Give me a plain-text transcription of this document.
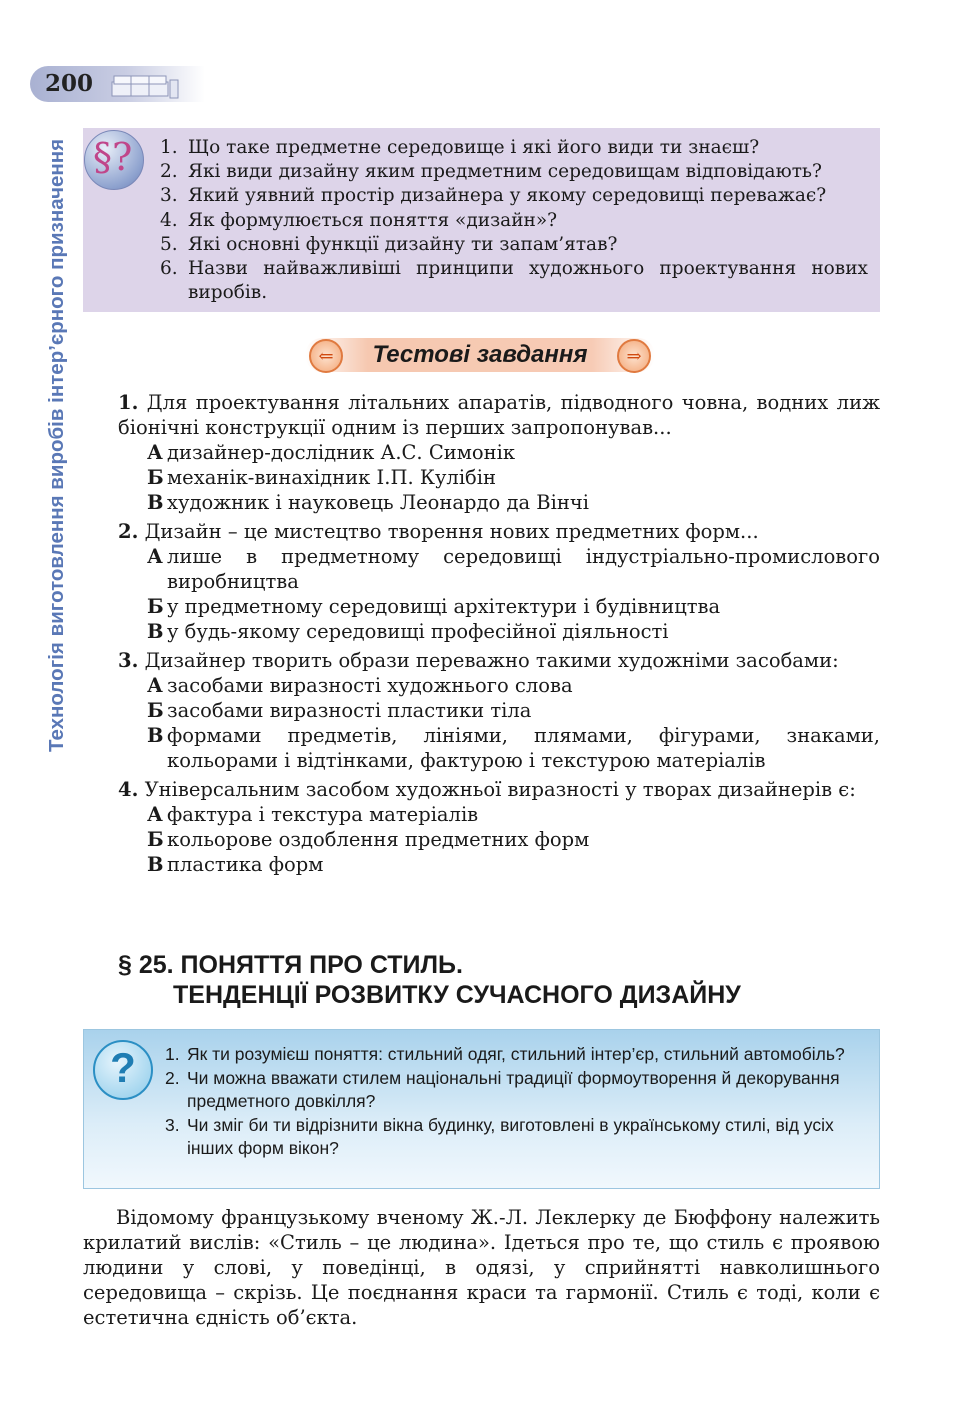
200
Технологія виготовлення виробів інтер’єрного призначення §? 1. Що таке предметне середовище і які його види ти знаєш?
2. Які види дизайну яким предметним середовищам відповідають?
3. Який уявний простір дизайнера у якому середовищі переважає?
4. Як формулюється поняття «дизайн»?
5. Які основні функції дизайну ти запам’ятав?
6. Назви найважливіші принципи художнього проектування нових виробів.
⇐	Тестові завдання	⇒
1. Для проектування літальних апаратів, підводного човна, водних лиж біонічні конструкції одним із перших запропонував...
А дизайнер-дослідник А.С. Симонік
Б механік-винахідник І.П. Кулібін
В художник і науковець Леонардо да Вінчі
2. Дизайн – це мистецтво творення нових предметних форм...
А лише в предметному середовищі індустріально-промислового виробництва
Б у предметному середовищі архітектури і будівництва
В у будь-якому середовищі професійної діяльності
3. Дизайнер творить образи переважно такими художніми засобами:
А засобами виразності художнього слова
Б засобами виразності пластики тіла
В формами предметів, лініями, плямами, фігурами, знаками, кольорами і відтінками, фактурою і текстурою матеріалів
4. Універсальним засобом художньої виразності у творах дизайнерів є:
А фактура і текстура матеріалів
Б кольорове оздоблення предметних форм
В пластика форм
§ 25. ПОНЯТТЯ ПРО СТИЛЬ.
ТЕНДЕНЦІЇ РОЗВИТКУ СУЧАСНОГО ДИЗАЙНУ
?	1. Як ти розумієш поняття: стильний одяг, стильний інтер’єр, стильний автомобіль?
2. Чи можна вважати стилем національні традиції формоутворення й декорування предметного довкілля?
3. Чи зміг би ти відрізнити вікна будинку, виготовлені в українському стилі, від усіх інших форм вікон?
Відомому французькому вченому Ж.-Л. Леклерку де Бюффону належить крилатий вислів: «Стиль – це людина». Ідеться про те, що стиль є проявою людини у слові, у поведінці, в одязі, у сприйнятті навколишнього середовища – скрізь. Це поєднання краси та гармонії. Стиль є тоді, коли є естетична єдність об’єкта.
